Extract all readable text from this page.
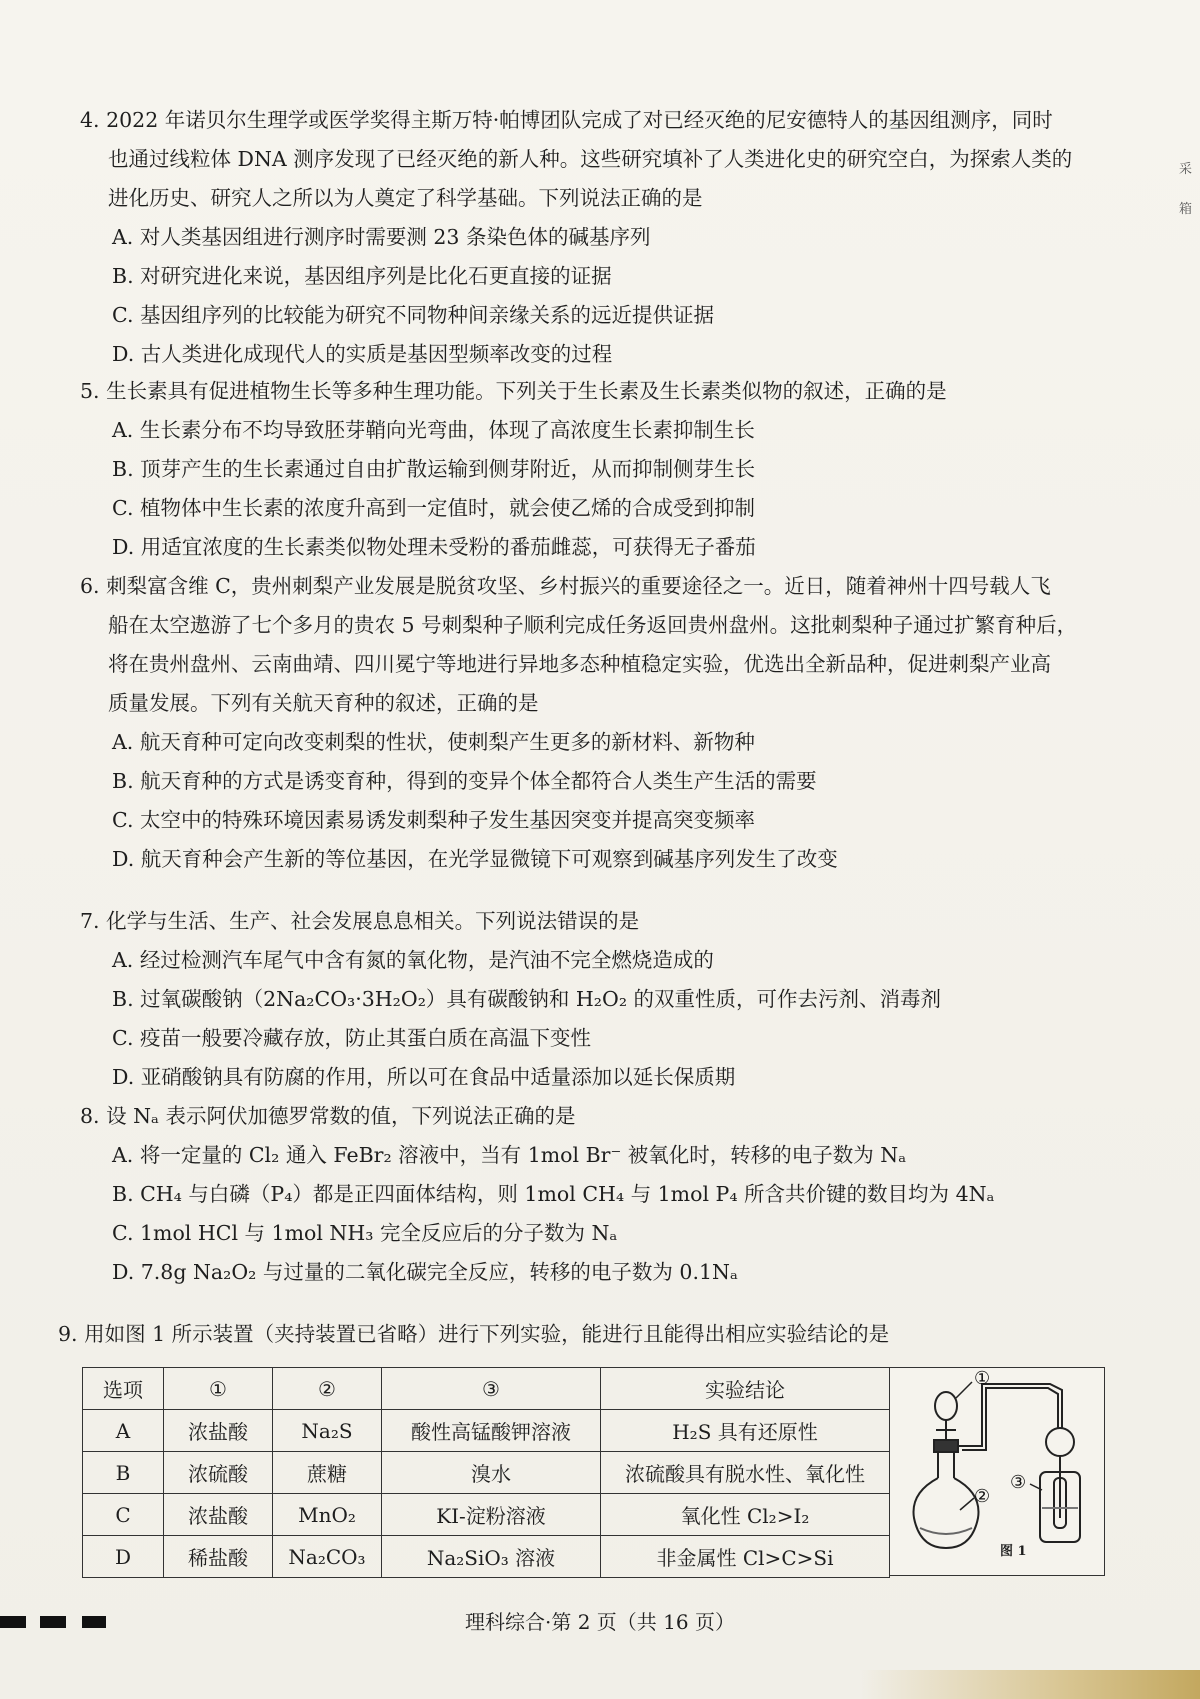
采
箱
4. 2022 年诺贝尔生理学或医学奖得主斯万特·帕博团队完成了对已经灭绝的尼安德特人的基因组测序，同时
也通过线粒体 DNA 测序发现了已经灭绝的新人种。这些研究填补了人类进化史的研究空白，为探索人类的
进化历史、研究人之所以为人奠定了科学基础。下列说法正确的是
A. 对人类基因组进行测序时需要测 23 条染色体的碱基序列
B. 对研究进化来说，基因组序列是比化石更直接的证据
C. 基因组序列的比较能为研究不同物种间亲缘关系的远近提供证据
D. 古人类进化成现代人的实质是基因型频率改变的过程
5. 生长素具有促进植物生长等多种生理功能。下列关于生长素及生长素类似物的叙述，正确的是
A. 生长素分布不均导致胚芽鞘向光弯曲，体现了高浓度生长素抑制生长
B. 顶芽产生的生长素通过自由扩散运输到侧芽附近，从而抑制侧芽生长
C. 植物体中生长素的浓度升高到一定值时，就会使乙烯的合成受到抑制
D. 用适宜浓度的生长素类似物处理未受粉的番茄雌蕊，可获得无子番茄
6. 刺梨富含维 C，贵州刺梨产业发展是脱贫攻坚、乡村振兴的重要途径之一。近日，随着神州十四号载人飞
船在太空遨游了七个多月的贵农 5 号刺梨种子顺利完成任务返回贵州盘州。这批刺梨种子通过扩繁育种后，
将在贵州盘州、云南曲靖、四川冕宁等地进行异地多态种植稳定实验，优选出全新品种，促进刺梨产业高
质量发展。下列有关航天育种的叙述，正确的是
A. 航天育种可定向改变刺梨的性状，使刺梨产生更多的新材料、新物种
B. 航天育种的方式是诱变育种，得到的变异个体全都符合人类生产生活的需要
C. 太空中的特殊环境因素易诱发刺梨种子发生基因突变并提高突变频率
D. 航天育种会产生新的等位基因，在光学显微镜下可观察到碱基序列发生了改变
7. 化学与生活、生产、社会发展息息相关。下列说法错误的是
A. 经过检测汽车尾气中含有氮的氧化物，是汽油不完全燃烧造成的
B. 过氧碳酸钠（2Na₂CO₃·3H₂O₂）具有碳酸钠和 H₂O₂ 的双重性质，可作去污剂、消毒剂
C. 疫苗一般要冷藏存放，防止其蛋白质在高温下变性
D. 亚硝酸钠具有防腐的作用，所以可在食品中适量添加以延长保质期
8. 设 Nₐ 表示阿伏加德罗常数的值，下列说法正确的是
A. 将一定量的 Cl₂ 通入 FeBr₂ 溶液中，当有 1mol Br⁻ 被氧化时，转移的电子数为 Nₐ
B. CH₄ 与白磷（P₄）都是正四面体结构，则 1mol CH₄ 与 1mol P₄ 所含共价键的数目均为 4Nₐ
C. 1mol HCl 与 1mol NH₃ 完全反应后的分子数为 Nₐ
D. 7.8g Na₂O₂ 与过量的二氧化碳完全反应，转移的电子数为 0.1Nₐ
9. 用如图 1 所示装置（夹持装置已省略）进行下列实验，能进行且能得出相应实验结论的是
选项	①	②	③	实验结论
A	浓盐酸	Na₂S	酸性高锰酸钾溶液	H₂S 具有还原性
B	浓硫酸	蔗糖	溴水	浓硫酸具有脱水性、氧化性
C	浓盐酸	MnO₂	KI-淀粉溶液	氧化性 Cl₂>I₂
D	稀盐酸	Na₂CO₃	Na₂SiO₃ 溶液	非金属性 Cl>C>Si
①
②
③
图 1
理科综合·第 2 页（共 16 页）
